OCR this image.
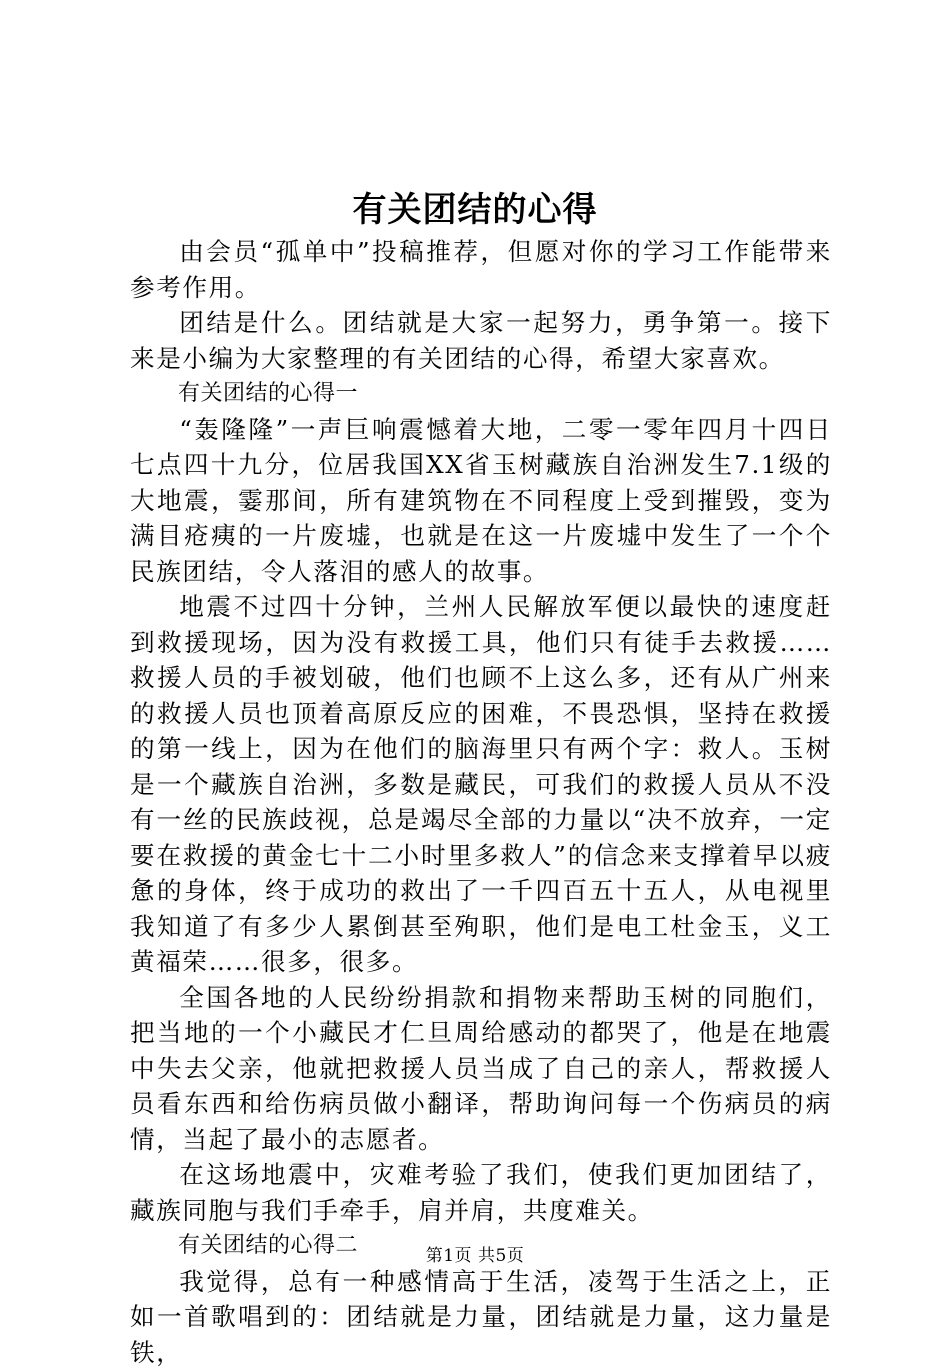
有关团结的心得

由会员“孤单中”投稿推荐，但愿对你的学习工作能带来参考作用。

团结是什么。团结就是大家一起努力，勇争第一。接下来是小编为大家整理的有关团结的心得，希望大家喜欢。

有关团结的心得一

“轰隆隆”一声巨响震憾着大地，二零一零年四月十四日七点四十九分，位居我国XX省玉树藏族自治洲发生7.1级的大地震，霎那间，所有建筑物在不同程度上受到摧毁，变为满目疮痍的一片废墟，也就是在这一片废墟中发生了一个个民族团结，令人落泪的感人的故事。

地震不过四十分钟，兰州人民解放军便以最快的速度赶到救援现场，因为没有救援工具，他们只有徒手去救援……救援人员的手被划破，他们也顾不上这么多，还有从广州来的救援人员也顶着高原反应的困难，不畏恐惧，坚持在救援的第一线上，因为在他们的脑海里只有两个字：救人。玉树是一个藏族自治洲，多数是藏民，可我们的救援人员从不没有一丝的民族歧视，总是竭尽全部的力量以“决不放弃，一定要在救援的黄金七十二小时里多救人”的信念来支撑着早以疲惫的身体，终于成功的救出了一千四百五十五人，从电视里我知道了有多少人累倒甚至殉职，他们是电工杜金玉，义工黄福荣……很多，很多。

全国各地的人民纷纷捐款和捐物来帮助玉树的同胞们，把当地的一个小藏民才仁旦周给感动的都哭了，他是在地震中失去父亲，他就把救援人员当成了自己的亲人，帮救援人员看东西和给伤病员做小翻译，帮助询问每一个伤病员的病情，当起了最小的志愿者。

在这场地震中，灾难考验了我们，使我们更加团结了，藏族同胞与我们手牵手，肩并肩，共度难关。

有关团结的心得二

我觉得，总有一种感情高于生活，凌驾于生活之上，正如一首歌唱到的：团结就是力量，团结就是力量，这力量是铁，

第1页 共5页
